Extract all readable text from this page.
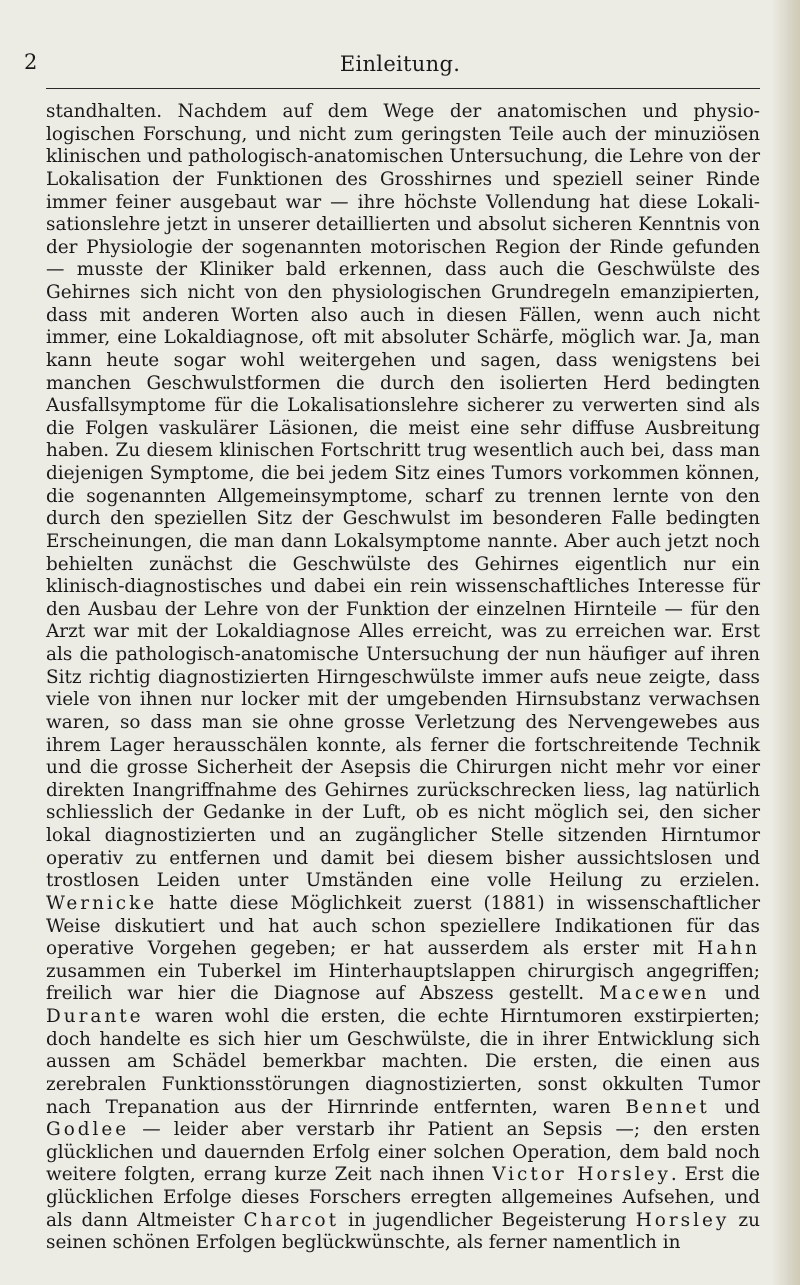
2	Einleitung.

standhalten. Nachdem auf dem Wege der anatomischen und physiologischen Forschung, und nicht zum geringsten Teile auch der minuziösen klinischen und pathologisch-anatomischen Untersuchung, die Lehre von der Lokalisation der Funktionen des Grosshirnes und speziell seiner Rinde immer feiner ausgebaut war — ihre höchste Vollendung hat diese Lokalisationslehre jetzt in unserer detaillierten und absolut sicheren Kenntnis von der Physiologie der sogenannten motorischen Region der Rinde gefunden — musste der Kliniker bald erkennen, dass auch die Geschwülste des Gehirnes sich nicht von den physiologischen Grundregeln emanzipierten, dass mit anderen Worten also auch in diesen Fällen, wenn auch nicht immer, eine Lokaldiagnose, oft mit absoluter Schärfe, möglich war. Ja, man kann heute sogar wohl weitergehen und sagen, dass wenigstens bei manchen Geschwulstformen die durch den isolierten Herd bedingten Ausfallsymptome für die Lokalisationslehre sicherer zu verwerten sind als die Folgen vaskulärer Läsionen, die meist eine sehr diffuse Ausbreitung haben. Zu diesem klinischen Fortschritt trug wesentlich auch bei, dass man diejenigen Symptome, die bei jedem Sitz eines Tumors vorkommen können, die sogenannten Allgemeinsymptome, scharf zu trennen lernte von den durch den speziellen Sitz der Geschwulst im besonderen Falle bedingten Erscheinungen, die man dann Lokalsymptome nannte. Aber auch jetzt noch behielten zunächst die Geschwülste des Gehirnes eigentlich nur ein klinisch-diagnostisches und dabei ein rein wissenschaftliches Interesse für den Ausbau der Lehre von der Funktion der einzelnen Hirnteile — für den Arzt war mit der Lokaldiagnose Alles erreicht, was zu erreichen war. Erst als die pathologisch-anatomische Untersuchung der nun häufiger auf ihren Sitz richtig diagnostizierten Hirngeschwülste immer aufs neue zeigte, dass viele von ihnen nur locker mit der umgebenden Hirnsubstanz verwachsen waren, so dass man sie ohne grosse Verletzung des Nervengewebes aus ihrem Lager herausschälen konnte, als ferner die fortschreitende Technik und die grosse Sicherheit der Asepsis die Chirurgen nicht mehr vor einer direkten Inangriffnahme des Gehirnes zurückschrecken liess, lag natürlich schliesslich der Gedanke in der Luft, ob es nicht möglich sei, den sicher lokal diagnostizierten und an zugänglicher Stelle sitzenden Hirntumor operativ zu entfernen und damit bei diesem bisher aussichtslosen und trostlosen Leiden unter Umständen eine volle Heilung zu erzielen. Wernicke hatte diese Möglichkeit zuerst (1881) in wissenschaftlicher Weise diskutiert und hat auch schon speziellere Indikationen für das operative Vorgehen gegeben; er hat ausserdem als erster mit Hahn zusammen ein Tuberkel im Hinterhauptslappen chirurgisch angegriffen; freilich war hier die Diagnose auf Abszess gestellt. Macewen und Durante waren wohl die ersten, die echte Hirntumoren exstirpierten; doch handelte es sich hier um Geschwülste, die in ihrer Entwicklung sich aussen am Schädel bemerkbar machten. Die ersten, die einen aus zerebralen Funktionsstörungen diagnostizierten, sonst okkulten Tumor nach Trepanation aus der Hirnrinde entfernten, waren Bennet und Godlee — leider aber verstarb ihr Patient an Sepsis —; den ersten glücklichen und dauernden Erfolg einer solchen Operation, dem bald noch weitere folgten, errang kurze Zeit nach ihnen Victor Horsley. Erst die glücklichen Erfolge dieses Forschers erregten allgemeines Aufsehen, und als dann Altmeister Charcot in jugendlicher Begeisterung Horsley zu seinen schönen Erfolgen beglückwünschte, als ferner namentlich in
